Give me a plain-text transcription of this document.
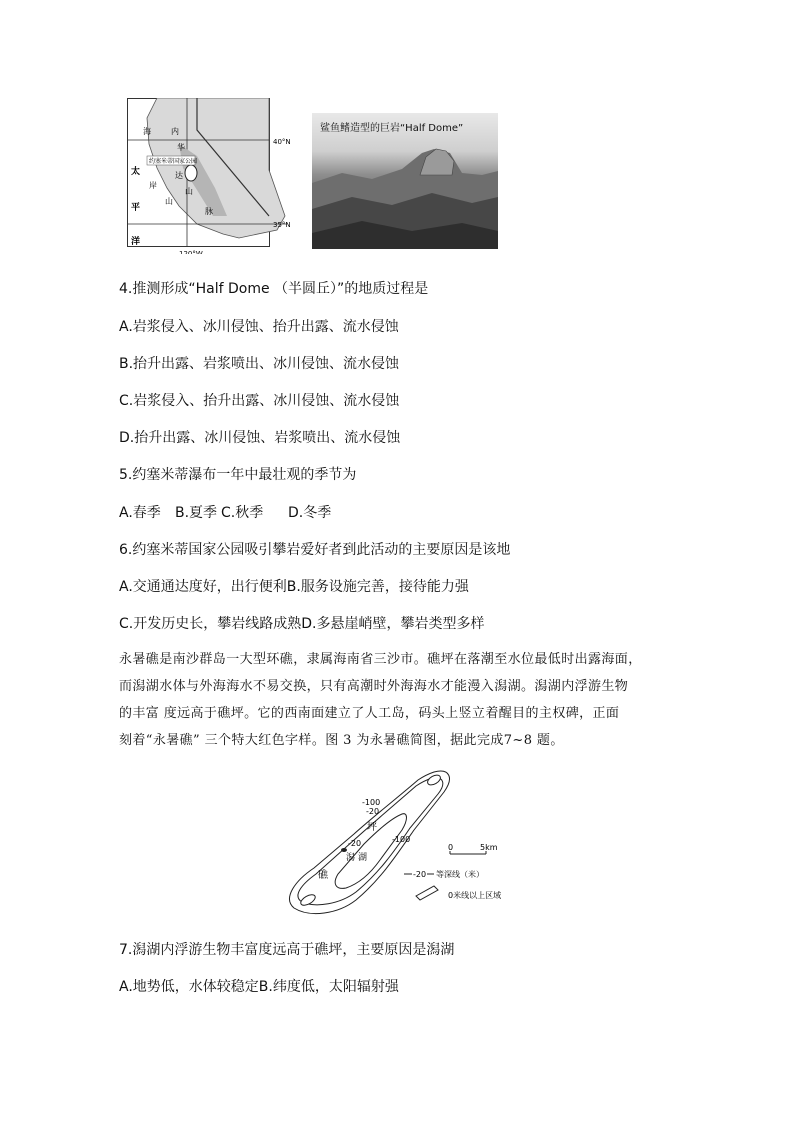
40°N
35°N
120°W
约塞米蒂国家公园
太
平
洋
海
岸
山
内
华
达
山
脉
鲨鱼鳍造型的巨岩“Half Dome”
4.推测形成“Half Dome （半圆丘）”的地质过程是
A.岩浆侵入、冰川侵蚀、抬升出露、流水侵蚀
B.抬升出露、岩浆喷出、冰川侵蚀、流水侵蚀
C.岩浆侵入、抬升出露、冰川侵蚀、流水侵蚀
D.抬升出露、冰川侵蚀、岩浆喷出、流水侵蚀
5.约塞米蒂瀑布一年中最壮观的季节为
A.春季 B.夏季 C.秋季 D.冬季
6.约塞米蒂国家公园吸引攀岩爱好者到此活动的主要原因是该地
A.交通通达度好，出行便利B.服务设施完善，接待能力强
C.开发历史长，攀岩线路成熟D.多悬崖峭壁，攀岩类型多样
永暑礁是南沙群岛一大型环礁，隶属海南省三沙市。礁坪在落潮至水位最低时出露海面，
而潟湖水体与外海海水不易交换，只有高潮时外海海水才能漫入潟湖。潟湖内浮游生物
的丰富 度远高于礁坪。它的西南面建立了人工岛，码头上竖立着醒目的主权碑，正面
刻着“永暑礁” 三个特大红色字样。图 3 为永暑礁简图，据此完成7~8 题。
-100
-20
-20	-100
坪
潟 湖
礁
0	5km
-20 等深线（米）
0米线以上区域
7.潟湖内浮游生物丰富度远高于礁坪，主要原因是潟湖
A.地势低，水体较稳定B.纬度低，太阳辐射强
